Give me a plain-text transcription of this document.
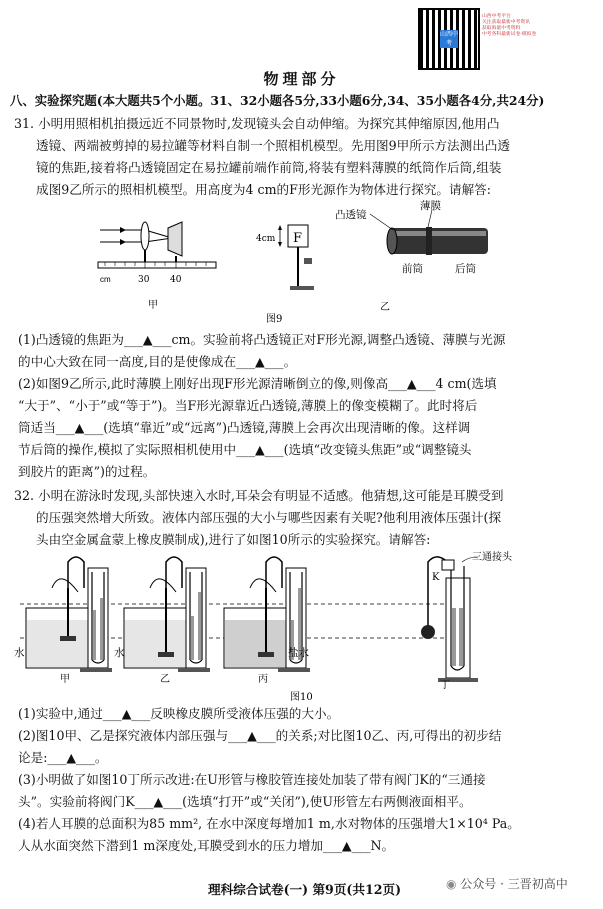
山西中考
山西中考平台
关注获取最新中考资讯
获取海量中考资料
中考各科最新试卷·模拟卷
物理部分
八、实验探究题(本大题共5个小题。31、32小题各5分,33小题6分,34、35小题各4分,共24分)
31. 小明用照相机拍摄远近不同景物时,发现镜头会自动伸缩。为探究其伸缩原因,他用凸
透镜、两端被剪掉的易拉罐等材料自制一个照相机模型。先用图9甲所示方法测出凸透
镜的焦距,接着将凸透镜固定在易拉罐前端作前筒,将装有塑料薄膜的纸筒作后筒,组装
成图9乙所示的照相机模型。用高度为4 cm的F形光源作为物体进行探究。请解答:
cm	30 40
甲
4cm F
凸透镜
薄膜
前筒	后筒
乙
图9
(1)凸透镜的焦距为___▲___cm。实验前将凸透镜正对F形光源,调整凸透镜、薄膜与光源
的中心大致在同一高度,目的是使像成在___▲___。
(2)如图9乙所示,此时薄膜上刚好出现F形光源清晰倒立的像,则像高___▲___4 cm(选填
“大于”、“小于”或“等于”)。当F形光源靠近凸透镜,薄膜上的像变模糊了。此时将后
筒适当___▲___(选填“靠近”或“远离”)凸透镜,薄膜上会再次出现清晰的像。这样调
节后筒的操作,模拟了实际照相机使用中___▲___(选填“改变镜头焦距”或“调整镜头
到胶片的距离”)的过程。
32. 小明在游泳时发现,头部快速入水时,耳朵会有明显不适感。他猜想,这可能是耳膜受到
的压强突然增大所致。液体内部压强的大小与哪些因素有关呢?他利用液体压强计(探
头由空金属盒蒙上橡皮膜制成),进行了如图10所示的实验探究。请解答:
三通接头
K
水	水	盐水
甲	乙	丙
丁
图10
(1)实验中,通过___▲___反映橡皮膜所受液体压强的大小。
(2)图10甲、乙是探究液体内部压强与___▲___的关系;对比图10乙、丙,可得出的初步结
论是:___▲___。
(3)小明做了如图10丁所示改进:在U形管与橡胶管连接处加装了带有阀门K的“三通接
头”。实验前将阀门K___▲___(选填“打开”或“关闭”),使U形管左右两侧液面相平。
(4)若人耳膜的总面积为85 mm², 在水中深度每增加1 m,水对物体的压强增大1×10⁴ Pa。
人从水面突然下潜到1 m深度处,耳膜受到水的压力增加___▲___N。
理科综合试卷(一) 第9页(共12页)	◉ 公众号 · 三晋初高中
